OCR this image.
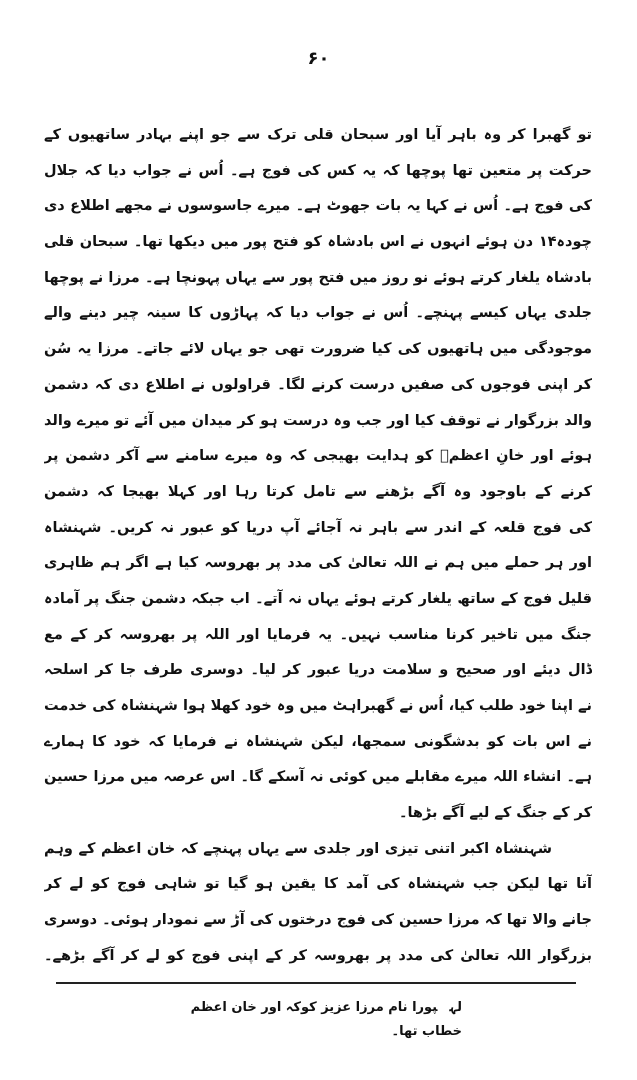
۶۰
تو گھبرا کر وہ باہر آیا اور سبحان قلی ترک سے جو اپنے بہادر ساتھیوں کے
حرکت پر متعین تھا پوچھا کہ یہ کس کی فوج ہے۔ اُس نے جواب دیا کہ جلال
کی فوج ہے۔ اُس نے کہا یہ بات جھوٹ ہے۔ میرے جاسوسوں نے مجھے اطلاع دی
چودہ۱۴ دن ہوئے انہوں نے اس بادشاہ کو فتح پور میں دیکھا تھا۔ سبحان قلی
بادشاہ یلغار کرتے ہوئے نو روز میں فتح پور سے یہاں پہونچا ہے۔ مرزا نے پوچھا
جلدی یہاں کیسے پہنچے۔ اُس نے جواب دیا کہ پہاڑوں کا سینہ چیر دینے والے
موجودگی میں ہاتھیوں کی کیا ضرورت تھی جو یہاں لائے جاتے۔ مرزا یہ سُن
کر اپنی فوجوں کی صفیں درست کرنے لگا۔ قراولوں نے اطلاع دی کہ دشمن
والد بزرگوار نے توقف کیا اور جب وہ درست ہو کر میدان میں آئے تو میرے والد
ہوئے اور خانِ اعظمؒ کو ہدایت بھیجی کہ وہ میرے سامنے سے آکر دشمن پر
کرنے کے باوجود وہ آگے بڑھنے سے تامل کرتا رہا اور کہلا بھیجا کہ دشمن
کی فوج قلعہ کے اندر سے باہر نہ آجائے آپ دریا کو عبور نہ کریں۔ شہنشاہ
اور ہر حملے میں ہم نے اللہ تعالیٰ کی مدد پر بھروسہ کیا ہے اگر ہم ظاہری
قلیل فوج کے ساتھ یلغار کرتے ہوئے یہاں نہ آتے۔ اب جبکہ دشمن جنگ پر آمادہ
جنگ میں تاخیر کرنا مناسب نہیں۔ یہ فرمایا اور اللہ پر بھروسہ کر کے مع
ڈال دیئے اور صحیح و سلامت دریا عبور کر لیا۔ دوسری طرف جا کر اسلحہ
نے اپنا خود طلب کیا، اُس نے گھبراہٹ میں وہ خود کھلا ہوا شہنشاہ کی خدمت
نے اس بات کو بدشگونی سمجھا، لیکن شہنشاہ نے فرمایا کہ خود کا ہمارے
ہے۔ انشاء اللہ میرے مقابلے میں کوئی نہ آسکے گا۔ اس عرصہ میں مرزا حسین
کر کے جنگ کے لیے آگے بڑھا۔
شہنشاہ اکبر اتنی تیزی اور جلدی سے یہاں پہنچے کہ خان اعظم کے وہم
آتا تھا لیکن جب شہنشاہ کی آمد کا یقین ہو گیا تو شاہی فوج کو لے کر
جانے والا تھا کہ مرزا حسین کی فوج درختوں کی آڑ سے نمودار ہوئی۔ دوسری
بزرگوار اللہ تعالیٰ کی مدد پر بھروسہ کر کے اپنی فوج کو لے کر آگے بڑھے۔
لہپورا نام مرزا عزیز کوکہ اور خان اعظم خطاب تھا۔
